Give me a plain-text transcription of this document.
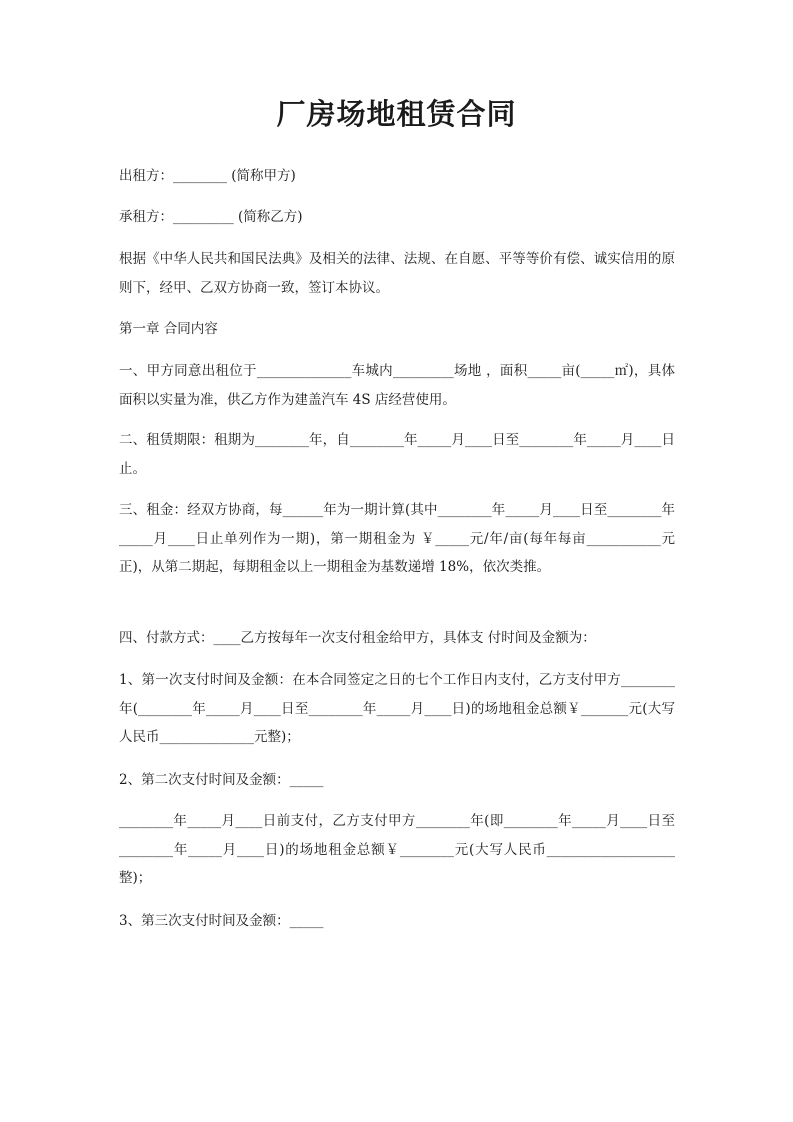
厂房场地租赁合同

出租方：________ (简称甲方)

承租方：_________ (简称乙方)

根据《中华人民共和国民法典》及相关的法律、法规、在自愿、平等等价有偿、诚实信用的原则下，经甲、乙双方协商一致，签订本协议。

第一章 合同内容

一、甲方同意出租位于______________车城内_________场地 ，面积_____亩(_____㎡)，具体面积以实量为准，供乙方作为建盖汽车 4S 店经营使用。

二、租赁期限：租期为________年，自________年_____月____日至________年_____月____日止。

三、租金：经双方协商，每______年为一期计算(其中________年_____月____日至________年_____月____日止单列作为一期)，第一期租金为 ￥_____元/年/亩(每年每亩___________元正)，从第二期起，每期租金以上一期租金为基数递增 18%，依次类推。

四、付款方式：____乙方按每年一次支付租金给甲方，具体支 付时间及金额为：

1、第一次支付时间及金额：在本合同签定之日的七个工作日内支付，乙方支付甲方________年(________年_____月____日至________年_____月____日)的场地租金总额￥_______元(大写人民币______________元整)；

2、第二次支付时间及金额：_____

________年_____月____日前支付，乙方支付甲方________年(即________年_____月____日至________年_____月____日)的场地租金总额￥________元(大写人民币___________________整)；

3、第三次支付时间及金额：_____
